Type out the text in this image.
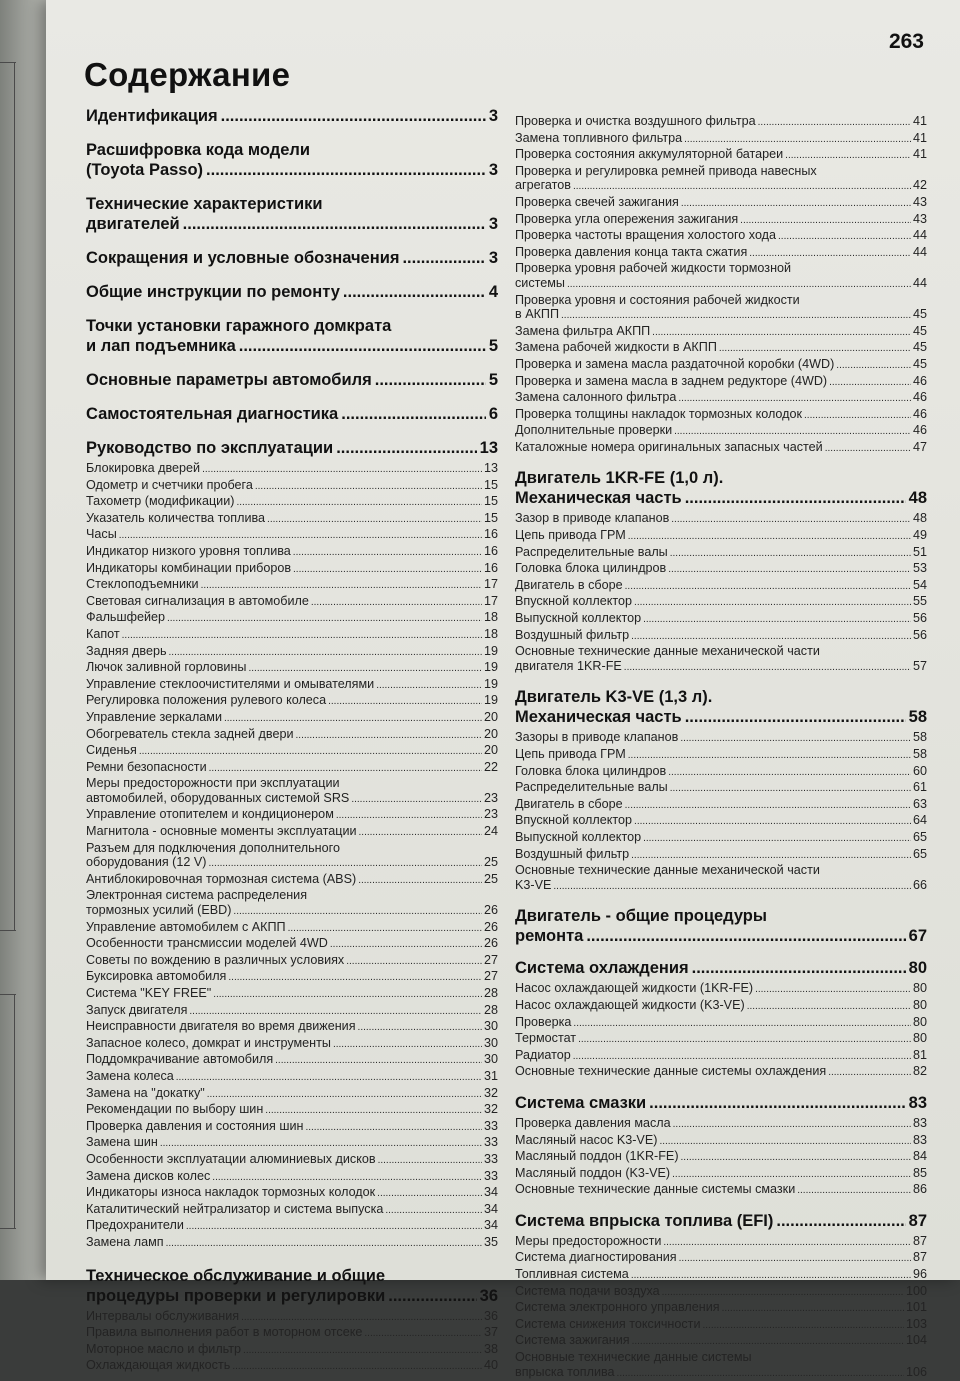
263
Содержание
Идентификация .....	3
Расшифровка кода модели
(Toyota Passo) .....	3
Технические характеристики
двигателей .....	3
Сокращения и условные обозначения .....	3
Общие инструкции по ремонту .....	4
Точки установки гаражного домкрата
и лап подъемника .....	5
Основные параметры автомобиля .....	5
Самостоятельная диагностика .....	6
Руководство по эксплуатации .....	13
Блокировка дверей .....	13
Одометр и счетчики пробега .....	15
Тахометр (модификации) .....	15
Указатель количества топлива .....	15
Часы .....	16
Индикатор низкого уровня топлива .....	16
Индикаторы комбинации приборов .....	16
Стеклоподъемники .....	17
Световая сигнализация в автомобиле .....	17
Фальшфейер .....	18
Капот .....	18
Задняя дверь .....	19
Лючок заливной горловины .....	19
Управление стеклоочистителями и омывателями .....	19
Регулировка положения рулевого колеса .....	19
Управление зеркалами .....	20
Обогреватель стекла задней двери .....	20
Сиденья .....	20
Ремни безопасности .....	22
Меры предосторожности при эксплуатации
автомобилей, оборудованных системой SRS .....	23
Управление отопителем и кондиционером .....	23
Магнитола - основные моменты эксплуатации .....	24
Разъем для подключения дополнительного
оборудования (12 V) .....	25
Антиблокировочная тормозная система (ABS) .....	25
Электронная система распределения
тормозных усилий (EBD) .....	26
Управление автомобилем с АКПП .....	26
Особенности трансмиссии моделей 4WD .....	26
Советы по вождению в различных условиях .....	27
Буксировка автомобиля .....	27
Система "KEY FREE" .....	28
Запуск двигателя .....	28
Неисправности двигателя во время движения .....	30
Запасное колесо, домкрат и инструменты .....	30
Поддомкрачивание автомобиля .....	30
Замена колеса .....	31
Замена на "докатку" .....	32
Рекомендации по выбору шин .....	32
Проверка давления и состояния шин .....	33
Замена шин .....	33
Особенности эксплуатации алюминиевых дисков .....	33
Замена дисков колес .....	33
Индикаторы износа накладок тормозных колодок .....	34
Каталитический нейтрализатор и система выпуска .....	34
Предохранители .....	34
Замена ламп .....	35
Техническое обслуживание и общие
процедуры проверки и регулировки .....	36
Интервалы обслуживания .....	36
Правила выполнения работ в моторном отсеке .....	37
Моторное масло и фильтр .....	38
Охлаждающая жидкость .....	40
Проверка и очистка воздушного фильтра .....	41
Замена топливного фильтра .....	41
Проверка состояния аккумуляторной батареи .....	41
Проверка и регулировка ремней привода навесных
агрегатов .....	42
Проверка свечей зажигания .....	43
Проверка угла опережения зажигания .....	43
Проверка частоты вращения холостого хода .....	44
Проверка давления конца такта сжатия .....	44
Проверка уровня рабочей жидкости тормозной
системы .....	44
Проверка уровня и состояния рабочей жидкости
в АКПП .....	45
Замена фильтра АКПП .....	45
Замена рабочей жидкости в АКПП .....	45
Проверка и замена масла раздаточной коробки (4WD) .....	45
Проверка и замена масла в заднем редукторе (4WD) .....	46
Замена салонного фильтра .....	46
Проверка толщины накладок тормозных колодок .....	46
Дополнительные проверки .....	46
Каталожные номера оригинальных запасных частей .....	47
Двигатель 1KR-FE (1,0 л).
Механическая часть .....	48
Зазор в приводе клапанов .....	48
Цепь привода ГРМ .....	49
Распределительные валы .....	51
Головка блока цилиндров .....	53
Двигатель в сборе .....	54
Впускной коллектор .....	55
Выпускной коллектор .....	56
Воздушный фильтр .....	56
Основные технические данные механической части
двигателя 1KR-FE .....	57
Двигатель K3-VE (1,3 л).
Механическая часть .....	58
Зазоры в приводе клапанов .....	58
Цепь привода ГРМ .....	58
Головка блока цилиндров .....	60
Распределительные валы .....	61
Двигатель в сборе .....	63
Впускной коллектор .....	64
Выпускной коллектор .....	65
Воздушный фильтр .....	65
Основные технические данные механической части
K3-VE .....	66
Двигатель - общие процедуры
ремонта .....	67
Система охлаждения .....	80
Насос охлаждающей жидкости (1KR-FE) .....	80
Насос охлаждающей жидкости (K3-VE) .....	80
Проверка .....	80
Термостат .....	80
Радиатор .....	81
Основные технические данные системы охлаждения .....	82
Система смазки .....	83
Проверка давления масла .....	83
Масляный насос K3-VE) .....	83
Масляный поддон (1KR-FE) .....	84
Масляный поддон (K3-VE) .....	85
Основные технические данные системы смазки .....	86
Система впрыска топлива (EFI) .....	87
Меры предосторожности .....	87
Система диагностирования .....	87
Топливная система .....	96
Система подачи воздуха .....	100
Система электронного управления .....	101
Система снижения токсичности .....	103
Система зажигания .....	104
Основные технические данные системы
впрыска топлива .....	106
